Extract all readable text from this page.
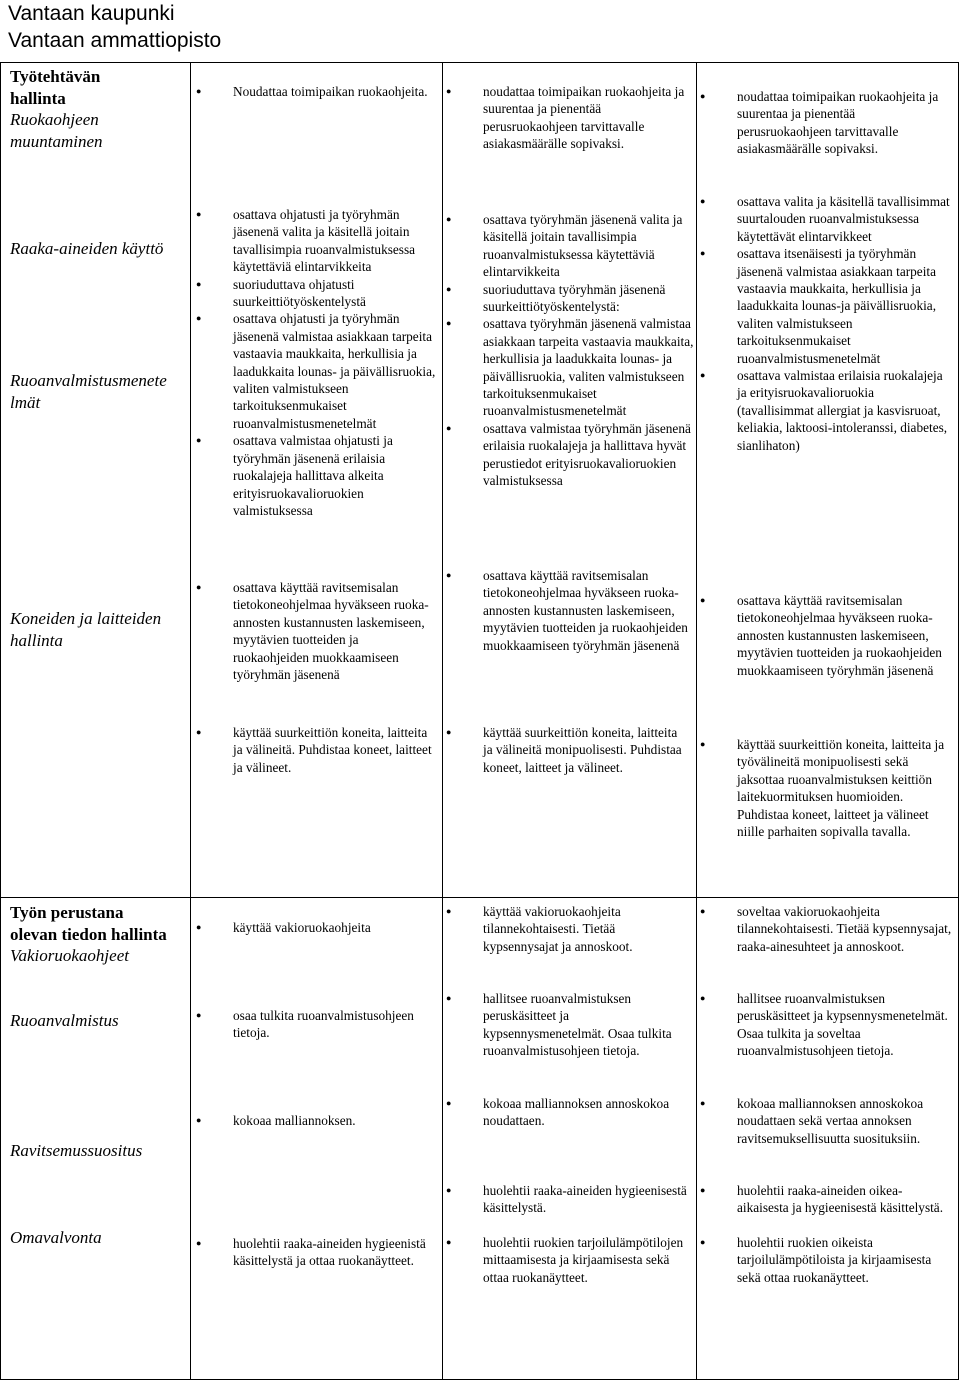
Vantaan kaupunki
Vantaan ammattiopisto
Työtehtävän
hallinta
Ruokaohjeen
muuntaminen
Raaka-aineiden käyttö
Ruoanvalmistusmenete
lmät
Koneiden ja laitteiden
hallinta
Työn perustana
olevan tiedon hallinta
Vakioruokaohjeet
Ruoanvalmistus
Ravitsemussuositus
Omavalvonta
● Noudattaa toimipaikan ruokaohjeita.
●	noudattaa toimipaikan ruokaohjeita ja suurentaa ja pienentää perusruokaohjeen tarvittavalle asiakasmäärälle sopivaksi.
● noudattaa toimipaikan ruokaohjeita ja suurentaa ja pienentää perusruokaohjeen tarvittavalle asiakasmäärälle sopivaksi.
● osattava ohjatusti ja työryhmän jäsenenä valita ja käsitellä joitain tavallisimpia ruoanvalmistuksessa käytettäviä elintarvikkeita
● suoriuduttava ohjatusti suurkeittiötyöskentelystä
● osattava ohjatusti ja työryhmän jäsenenä valmistaa asiakkaan tarpeita vastaavia maukkaita, herkullisia ja laadukkaita lounas- ja päivällisruokia, valiten valmistukseen tarkoituksenmukaiset ruoanvalmistusmenetelmät
● osattava valmistaa ohjatusti ja työryhmän jäsenenä erilaisia ruokalajeja hallittava alkeita erityisruokavalioruokien valmistuksessa
● osattava työryhmän jäsenenä valita ja käsitellä joitain tavallisimpia ruoanvalmistuksessa käytettäviä elintarvikkeita
● suoriuduttava työryhmän jäsenenä suurkeittiötyöskentelystä:
● osattava työryhmän jäsenenä valmistaa asiakkaan tarpeita vastaavia maukkaita, herkullisia ja laadukkaita lounas- ja päivällisruokia, valiten valmistukseen tarkoituksenmukaiset ruoanvalmistusmenetelmät
● osattava valmistaa työryhmän jäsenenä erilaisia ruokalajeja ja hallittava hyvät perustiedot erityisruokavalioruokien valmistuksessa
● osattava valita ja käsitellä tavallisimmat suurtalouden ruoanvalmistuksessa käytettävät elintarvikkeet
● osattava itsenäisesti ja työryhmän jäsenenä valmistaa asiakkaan tarpeita vastaavia maukkaita, herkullisia ja laadukkaita lounas-ja päivällisruokia, valiten valmistukseen tarkoituksenmukaiset ruoanvalmistusmenetelmät
● osattava valmistaa erilaisia ruokalajeja ja erityisruokavalioruokia (tavallisimmat allergiat ja kasvisruoat, keliakia, laktoosi-intoleranssi, diabetes, sianlihaton)
● osattava käyttää ravitsemisalan tietokoneohjelmaa hyväkseen ruoka-annosten kustannusten laskemiseen, myytävien tuotteiden ja ruokaohjeiden muokkaamiseen työryhmän jäsenenä
● osattava käyttää ravitsemisalan tietokoneohjelmaa hyväkseen ruoka-annosten kustannusten laskemiseen, myytävien tuotteiden ja ruokaohjeiden muokkaamiseen työryhmän jäsenenä
● osattava käyttää ravitsemisalan tietokoneohjelmaa hyväkseen ruoka-annosten kustannusten laskemiseen, myytävien tuotteiden ja ruokaohjeiden muokkaamiseen työryhmän jäsenenä
● käyttää suurkeittiön koneita, laitteita ja välineitä. Puhdistaa koneet, laitteet ja välineet.
● käyttää suurkeittiön koneita, laitteita ja välineitä monipuolisesti. Puhdistaa koneet, laitteet ja välineet.
● käyttää suurkeittiön koneita, laitteita ja työvälineitä monipuolisesti sekä jaksottaa ruoanvalmistuksen keittiön laitekuormituksen huomioiden. Puhdistaa koneet, laitteet ja välineet niille parhaiten sopivalla tavalla.
● käyttää vakioruokaohjeita
● käyttää vakioruokaohjeita tilannekohtaisesti. Tietää kypsennysajat ja annoskoot.
● soveltaa vakioruokaohjeita tilannekohtaisesti. Tietää kypsennysajat, raaka-ainesuhteet ja annoskoot.
● osaa tulkita ruoanvalmistusohjeen tietoja.
● hallitsee ruoanvalmistuksen peruskäsitteet ja kypsennysmenetelmät. Osaa tulkita ruoanvalmistusohjeen tietoja.
● hallitsee ruoanvalmistuksen peruskäsitteet ja kypsennysmenetelmät. Osaa tulkita ja soveltaa ruoanvalmistusohjeen tietoja.
● kokoaa malliannoksen.
● kokoaa malliannoksen annoskokoa noudattaen.
● kokoaa malliannoksen annoskokoa noudattaen sekä vertaa annoksen ravitsemuksellisuutta suosituksiin.
● huolehtii raaka-aineiden hygieenistä käsittelystä ja ottaa ruokanäytteet.
● huolehtii raaka-aineiden hygieenisestä käsittelystä.
● huolehtii ruokien tarjoilulämpötilojen mittaamisesta ja kirjaamisesta sekä ottaa ruokanäytteet.
● huolehtii raaka-aineiden oikea-aikaisesta ja hygieenisestä käsittelystä.
● huolehtii ruokien oikeista tarjoilulämpötiloista ja kirjaamisesta sekä ottaa ruokanäytteet.
